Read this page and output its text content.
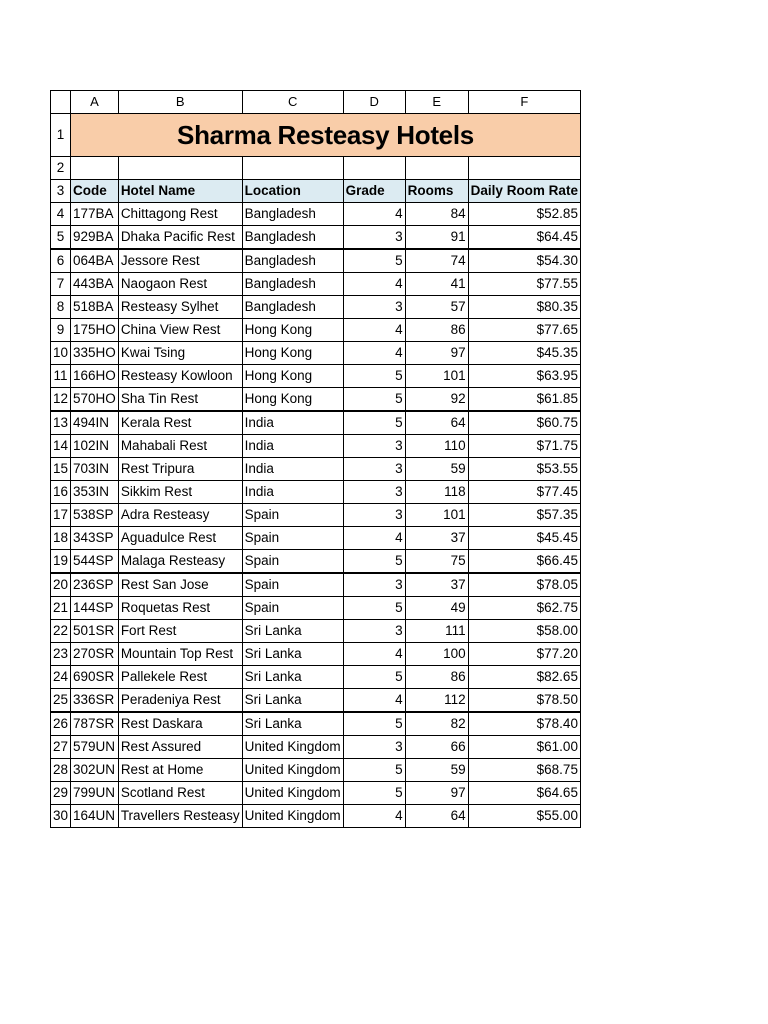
	A	B	C	D	E	F
1	Sharma Resteasy Hotels					
2						
3	Code	Hotel Name	Location	Grade	Rooms	Daily Room Rate
4	177BA	Chittagong Rest	Bangladesh	4	84	$52.85
5	929BA	Dhaka Pacific Rest	Bangladesh	3	91	$64.45
6	064BA	Jessore Rest	Bangladesh	5	74	$54.30
7	443BA	Naogaon Rest	Bangladesh	4	41	$77.55
8	518BA	Resteasy Sylhet	Bangladesh	3	57	$80.35
9	175HO	China View Rest	Hong Kong	4	86	$77.65
10	335HO	Kwai Tsing	Hong Kong	4	97	$45.35
11	166HO	Resteasy Kowloon	Hong Kong	5	101	$63.95
12	570HO	Sha Tin Rest	Hong Kong	5	92	$61.85
13	494IN	Kerala Rest	India	5	64	$60.75
14	102IN	Mahabali Rest	India	3	110	$71.75
15	703IN	Rest Tripura	India	3	59	$53.55
16	353IN	Sikkim Rest	India	3	118	$77.45
17	538SP	Adra Resteasy	Spain	3	101	$57.35
18	343SP	Aguadulce Rest	Spain	4	37	$45.45
19	544SP	Malaga Resteasy	Spain	5	75	$66.45
20	236SP	Rest San Jose	Spain	3	37	$78.05
21	144SP	Roquetas Rest	Spain	5	49	$62.75
22	501SR	Fort Rest	Sri Lanka	3	111	$58.00
23	270SR	Mountain Top Rest	Sri Lanka	4	100	$77.20
24	690SR	Pallekele Rest	Sri Lanka	5	86	$82.65
25	336SR	Peradeniya Rest	Sri Lanka	4	112	$78.50
26	787SR	Rest Daskara	Sri Lanka	5	82	$78.40
27	579UN	Rest Assured	United Kingdom	3	66	$61.00
28	302UN	Rest at Home	United Kingdom	5	59	$68.75
29	799UN	Scotland Rest	United Kingdom	5	97	$64.65
30	164UN	Travellers Resteasy	United Kingdom	4	64	$55.00
